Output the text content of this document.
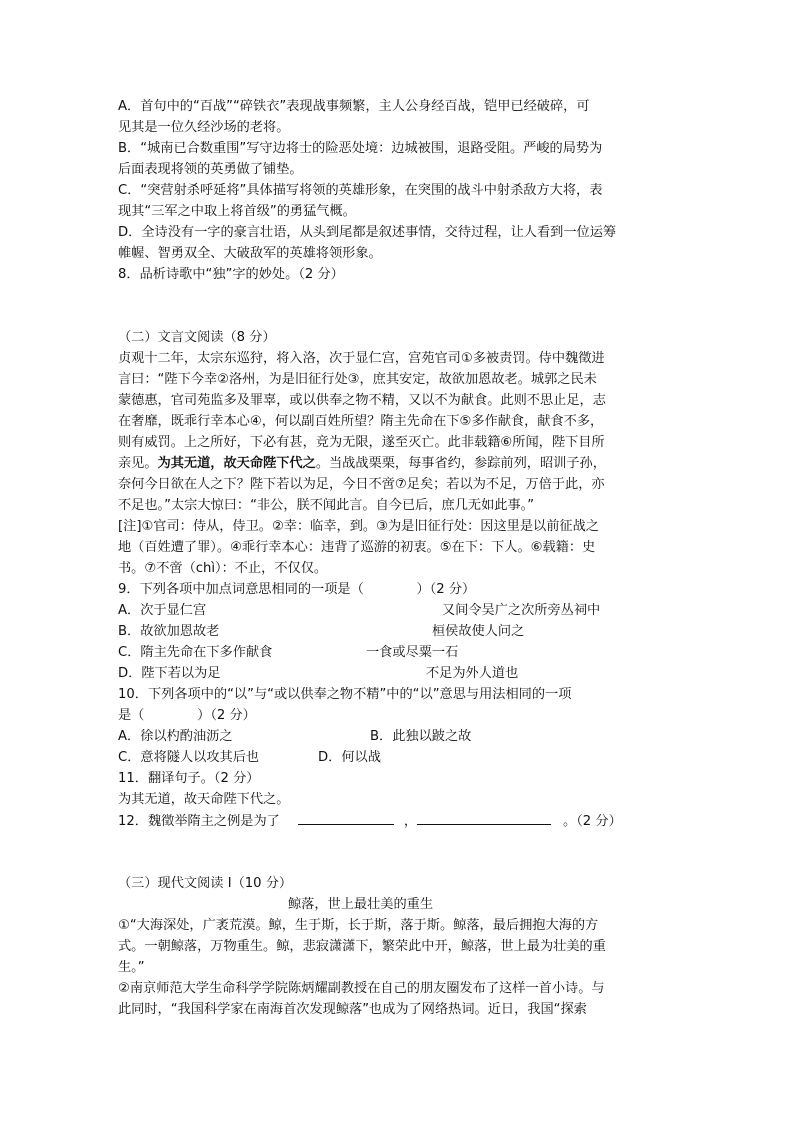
A．首句中的“百战”“碎铁衣”表现战事频繁，主人公身经百战，铠甲已经破碎，可
见其是一位久经沙场的老将。
B．“城南已合数重围”写守边将士的险恶处境：边城被围，退路受阻。严峻的局势为
后面表现将领的英勇做了铺垫。
C．“突营射杀呼延将”具体描写将领的英雄形象，在突围的战斗中射杀敌方大将，表
现其“三军之中取上将首级”的勇猛气概。
D．全诗没有一字的豪言壮语，从头到尾都是叙述事情，交待过程，让人看到一位运筹
帷幄、智勇双全、大破敌军的英雄将领形象。
8．品析诗歌中“独”字的妙处。（2 分）
（二）文言文阅读（8 分）
贞观十二年，太宗东巡狩，将入洛，次于显仁宫，宫苑官司①多被责罚。侍中魏徵进
言曰：“陛下今幸②洛州，为是旧征行处③，庶其安定，故欲加恩故老。城郭之民未
蒙德惠，官司苑监多及罪辜，或以供奉之物不精，又以不为献食。此则不思止足，志
在奢靡，既乖行幸本心④，何以副百姓所望？隋主先命在下⑤多作献食，献食不多，
则有威罚。上之所好，下必有甚，竞为无限，遂至灭亡。此非载籍⑥所闻，陛下目所
亲见。为其无道，故天命陛下代之。当战战栗栗，每事省约，参踪前列，昭训子孙，
奈何今日欲在人之下？陛下若以为足，今日不啻⑦足矣；若以为不足，万倍于此，亦
不足也。”太宗大惊曰：“非公，朕不闻此言。自今已后，庶几无如此事。”
[注]①官司：侍从，侍卫。②幸：临幸，到。③为是旧征行处：因这里是以前征战之
地（百姓遭了罪）。④乖行幸本心：违背了巡游的初衷。⑤在下：下人。⑥载籍：史
书。⑦不啻（chì）：不止，不仅仅。
9．下列各项中加点词意思相同的一项是（　　　　）（2 分）
A．次于显仁宫	又间令吴广之次所旁丛祠中
B．故欲加恩故老	桓侯故使人问之
C．隋主先命在下多作献食	一食或尽粟一石
D．陛下若以为足	不足为外人道也
10．下列各项中的“以”与“或以供奉之物不精”中的“以”意思与用法相同的一项
是（　　　　）（2 分）
A．徐以杓酌油沥之	B．此独以跛之故
C．意将隧人以攻其后也	D．何以战
11．翻译句子。（2 分）
为其无道，故天命陛下代之。
12．魏徵举隋主之例是为了	，	。（2 分）
（三）现代文阅读 I（10 分）
鲸落，世上最壮美的重生
①“大海深处，广袤荒漠。鲸，生于斯，长于斯，落于斯。鲸落，最后拥抱大海的方
式。一朝鲸落，万物重生。鲸，悲寂潇潇下，繁荣此中开，鲸落，世上最为壮美的重
生。”
②南京师范大学生命科学学院陈炳耀副教授在自己的朋友圈发布了这样一首小诗。与
此同时，“我国科学家在南海首次发现鲸落”也成为了网络热词。近日，我国“探索
